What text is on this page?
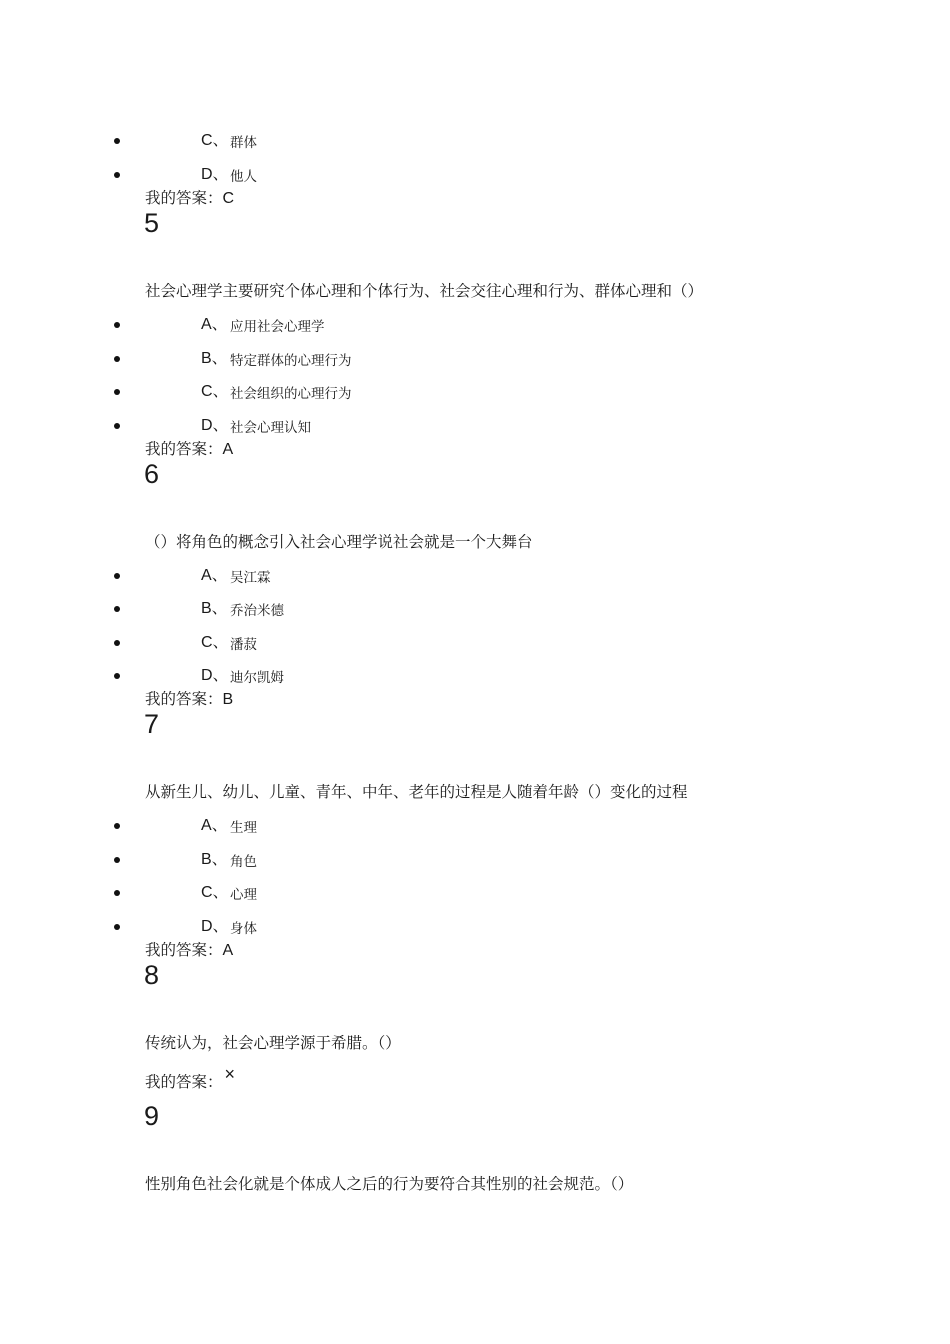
C、 群体
D、 他人
我的答案：C
5
社会心理学主要研究个体心理和个体行为、社会交往心理和行为、群体心理和（）
A、 应用社会心理学
B、 特定群体的心理行为
C、 社会组织的心理行为
D、 社会心理认知
我的答案：A
6
（）将角色的概念引入社会心理学说社会就是一个大舞台
A、 吴江霖
B、 乔治米德
C、 潘菽
D、 迪尔凯姆
我的答案：B
7
从新生儿、幼儿、儿童、青年、中年、老年的过程是人随着年龄（）变化的过程
A、 生理
B、 角色
C、 心理
D、 身体
我的答案：A
8
传统认为，社会心理学源于希腊。（）
我的答案： ×
9
性别角色社会化就是个体成人之后的行为要符合其性别的社会规范。（）
